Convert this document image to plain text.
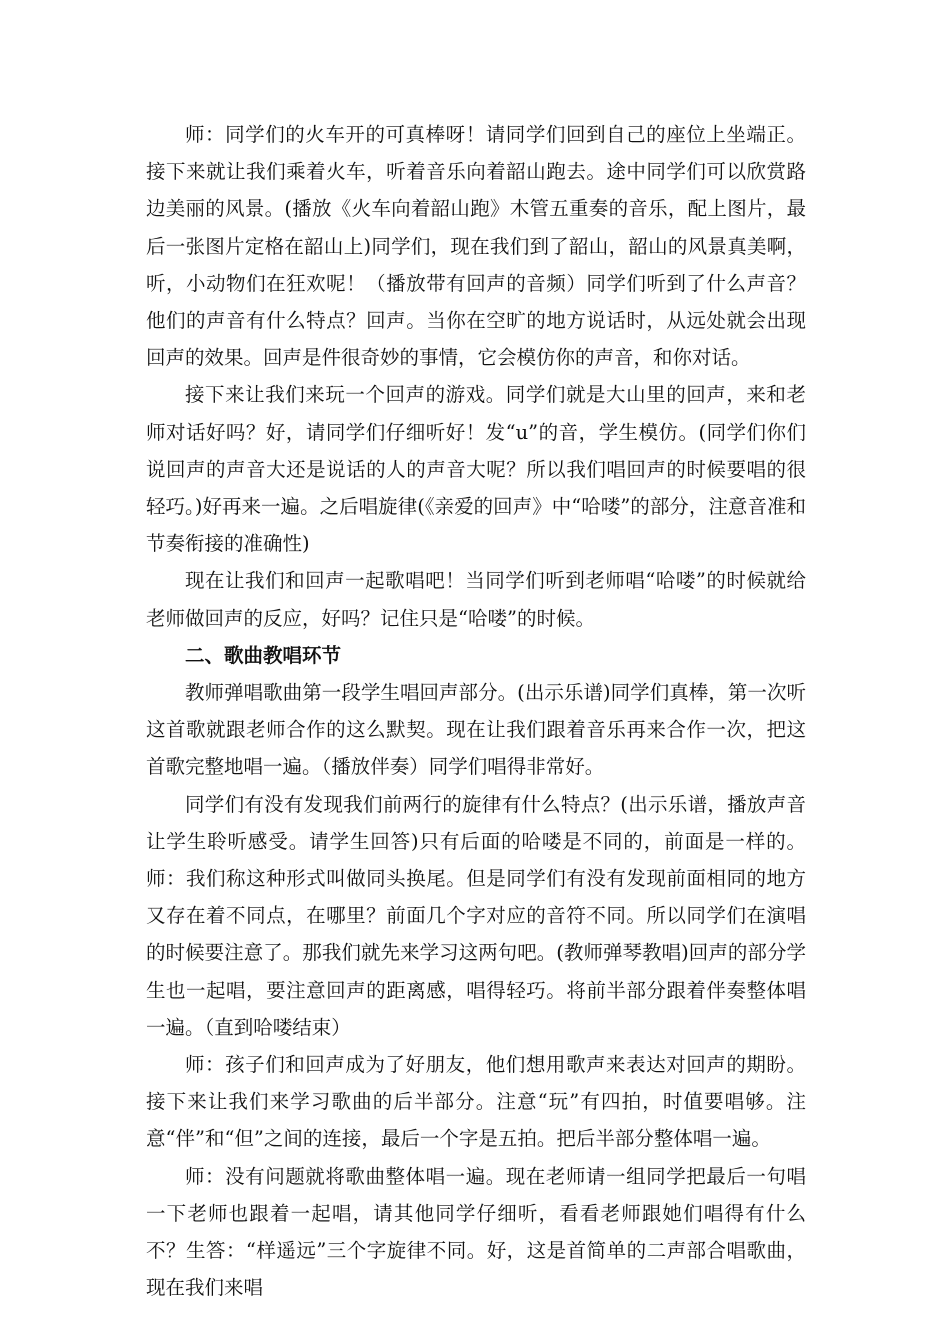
师：同学们的火车开的可真棒呀！请同学们回到自己的座位上坐端正。接下来就让我们乘着火车，听着音乐向着韶山跑去。途中同学们可以欣赏路边美丽的风景。(播放《火车向着韶山跑》木管五重奏的音乐，配上图片，最后一张图片定格在韶山上)同学们，现在我们到了韶山，韶山的风景真美啊，听，小动物们在狂欢呢！（播放带有回声的音频）同学们听到了什么声音？他们的声音有什么特点？回声。当你在空旷的地方说话时，从远处就会出现回声的效果。回声是件很奇妙的事情，它会模仿你的声音，和你对话。

接下来让我们来玩一个回声的游戏。同学们就是大山里的回声，来和老师对话好吗？好，请同学们仔细听好！发“u”的音，学生模仿。(同学们你们说回声的声音大还是说话的人的声音大呢？所以我们唱回声的时候要唱的很轻巧。)好再来一遍。之后唱旋律(《亲爱的回声》中“哈喽”的部分，注意音准和节奏衔接的准确性)

现在让我们和回声一起歌唱吧！当同学们听到老师唱“哈喽”的时候就给老师做回声的反应，好吗？记住只是“哈喽”的时候。

二、歌曲教唱环节

教师弹唱歌曲第一段学生唱回声部分。(出示乐谱)同学们真棒，第一次听这首歌就跟老师合作的这么默契。现在让我们跟着音乐再来合作一次，把这首歌完整地唱一遍。（播放伴奏）同学们唱得非常好。

同学们有没有发现我们前两行的旋律有什么特点？(出示乐谱，播放声音让学生聆听感受。请学生回答)只有后面的哈喽是不同的，前面是一样的。师：我们称这种形式叫做同头换尾。但是同学们有没有发现前面相同的地方又存在着不同点，在哪里？前面几个字对应的音符不同。所以同学们在演唱的时候要注意了。那我们就先来学习这两句吧。(教师弹琴教唱)回声的部分学生也一起唱，要注意回声的距离感，唱得轻巧。将前半部分跟着伴奏整体唱一遍。（直到哈喽结束）

师：孩子们和回声成为了好朋友，他们想用歌声来表达对回声的期盼。接下来让我们来学习歌曲的后半部分。注意“玩”有四拍，时值要唱够。注意“伴”和“但”之间的连接，最后一个字是五拍。把后半部分整体唱一遍。

师：没有问题就将歌曲整体唱一遍。现在老师请一组同学把最后一句唱一下老师也跟着一起唱，请其他同学仔细听，看看老师跟她们唱得有什么不？生答：“样遥远”三个字旋律不同。好，这是首简单的二声部合唱歌曲，现在我们来唱
